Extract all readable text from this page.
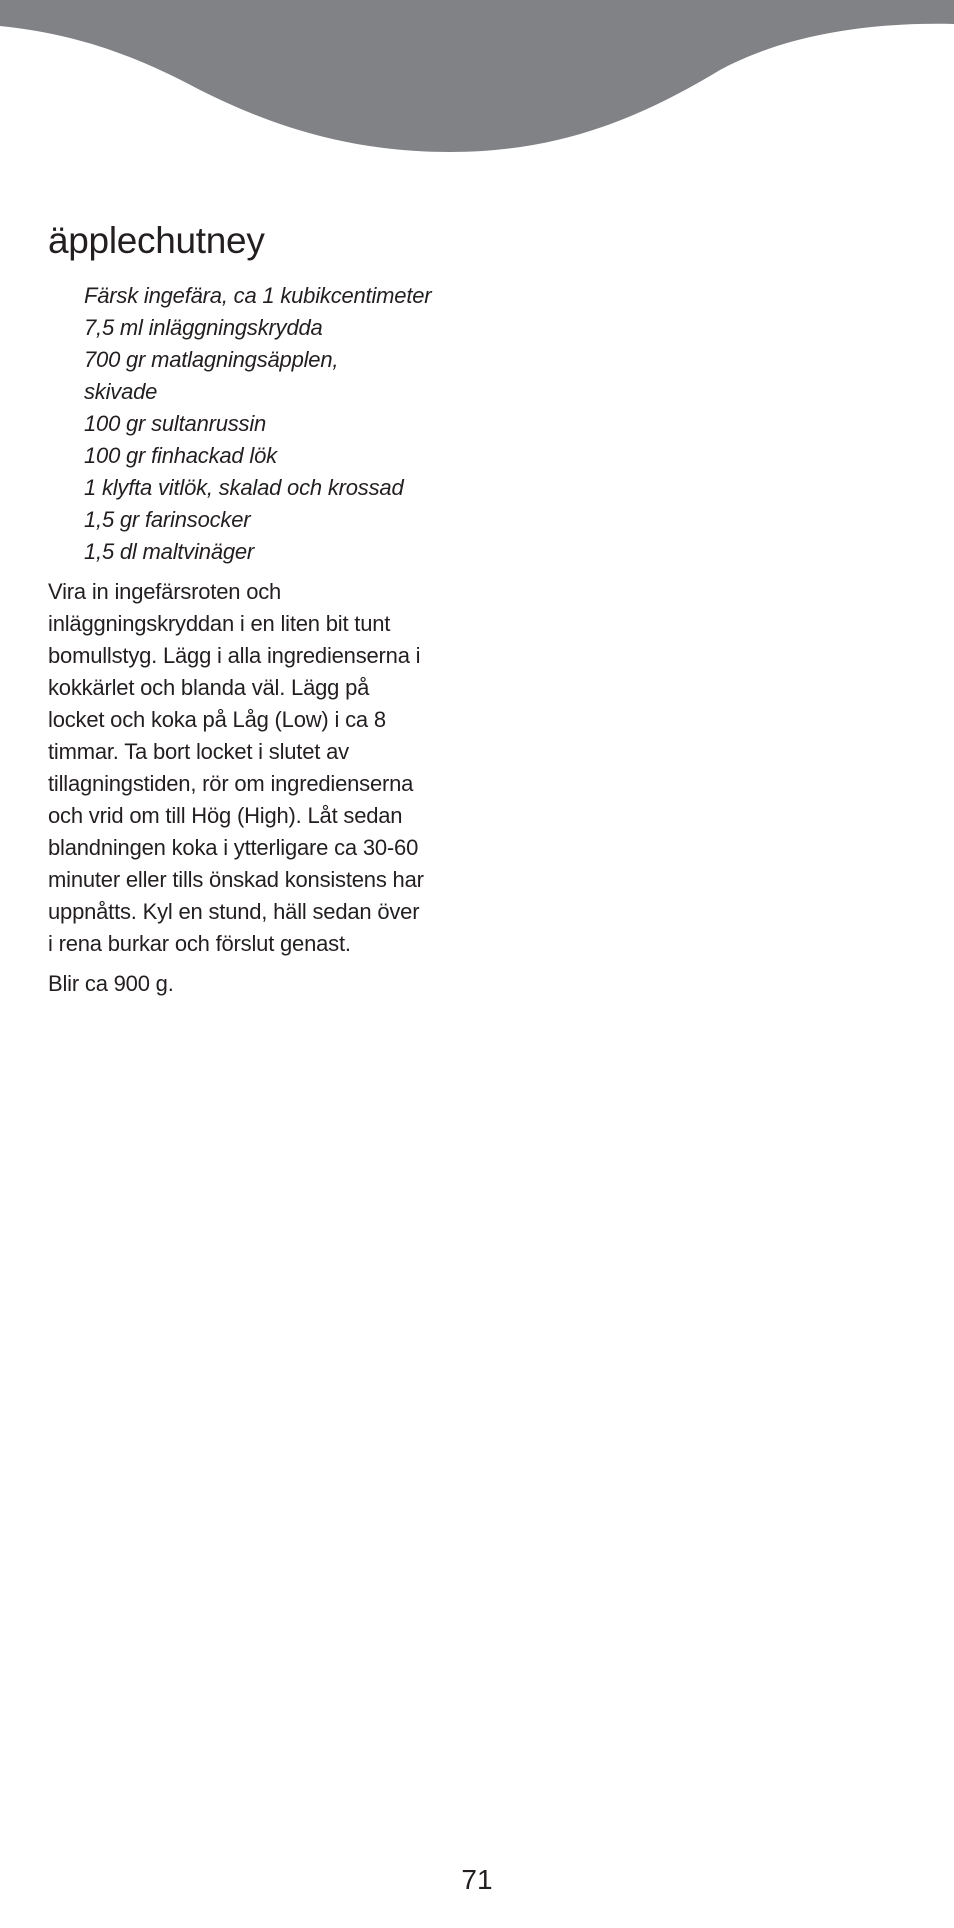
äpplechutney
Färsk ingefära, ca 1 kubikcentimeter
7,5 ml inläggningskrydda
700 gr matlagningsäpplen,
skivade
100 gr sultanrussin
100 gr finhackad lök
1 klyfta vitlök, skalad och krossad
1,5 gr farinsocker
1,5 dl maltvinäger

Vira in ingefärsroten och
inläggningskryddan i en liten bit tunt
bomullstyg. Lägg i alla ingredienserna i
kokkärlet och blanda väl. Lägg på
locket och koka på Låg (Low) i ca 8
timmar. Ta bort locket i slutet av
tillagningstiden, rör om ingredienserna
och vrid om till Hög (High). Låt sedan
blandningen koka i ytterligare ca 30-60
minuter eller tills önskad konsistens har
uppnåtts. Kyl en stund, häll sedan över
i rena burkar och förslut genast.

Blir ca 900 g.

71
